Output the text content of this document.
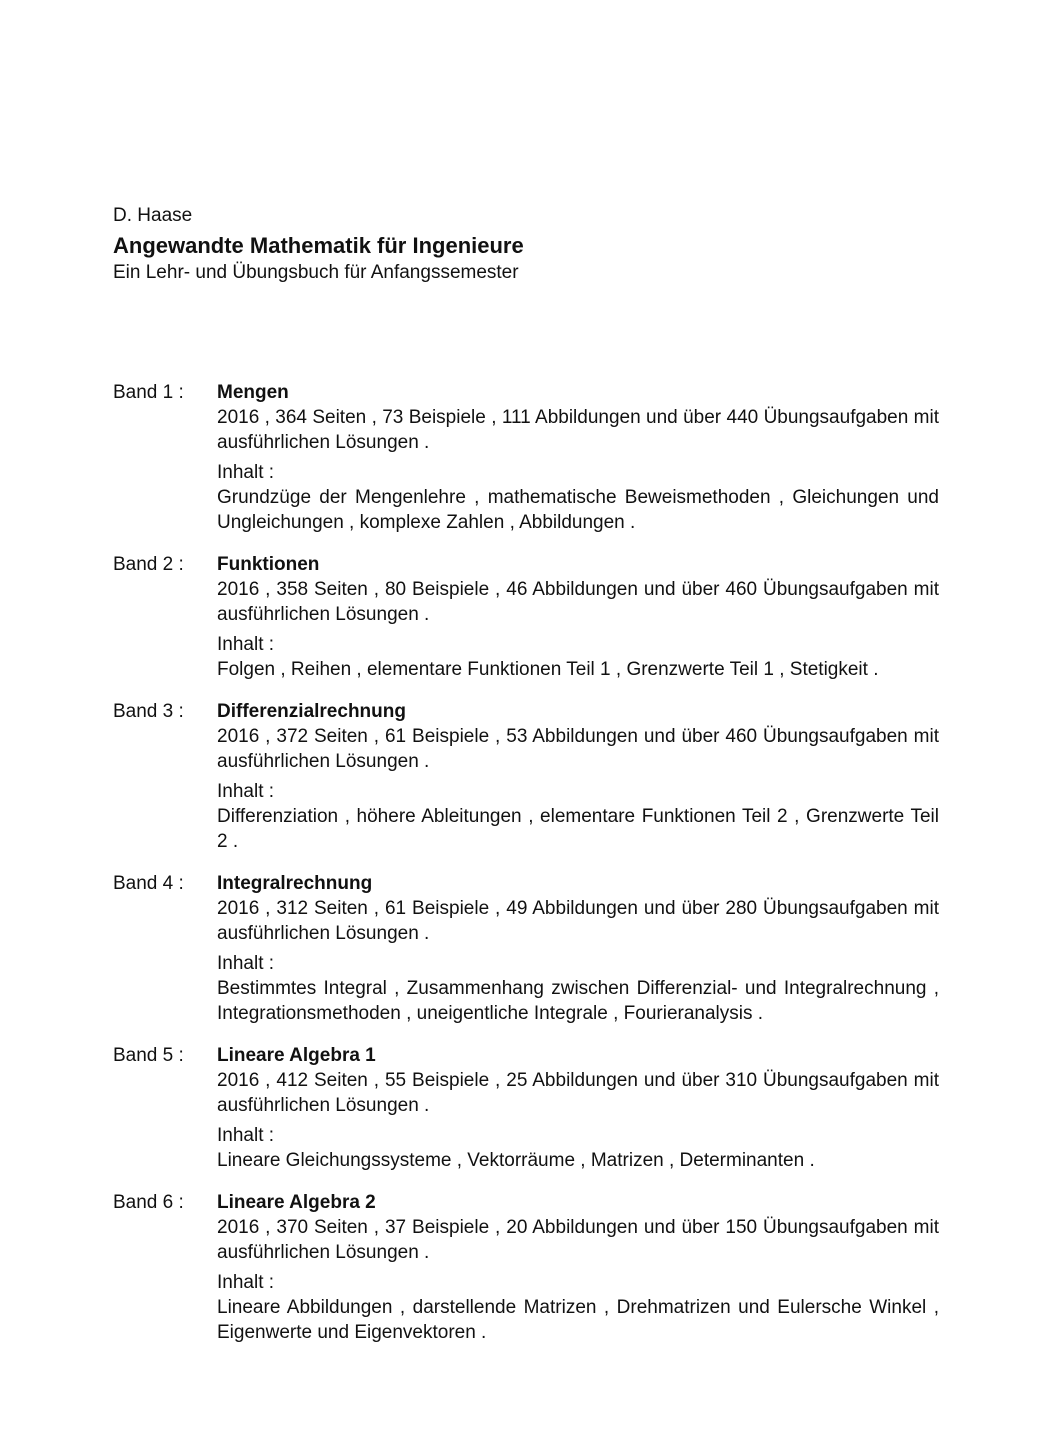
D. Haase

Angewandte Mathematik für Ingenieure

Ein Lehr- und Übungsbuch für Anfangssemester

Band 1 :	Mengen
2016 , 364 Seiten , 73 Beispiele , 111 Abbildungen und über 440 Übungsaufgaben mit ausführlichen Lösungen .
Inhalt :
Grundzüge der Mengenlehre , mathematische Beweismethoden , Gleichungen und Ungleichungen , komplexe Zahlen , Abbildungen .
Band 2 :	Funktionen
2016 , 358 Seiten , 80 Beispiele , 46 Abbildungen und über 460 Übungsaufgaben mit ausführlichen Lösungen .
Inhalt :
Folgen , Reihen , elementare Funktionen Teil 1 , Grenzwerte Teil 1 , Stetigkeit .
Band 3 :	Differenzialrechnung
2016 , 372 Seiten , 61 Beispiele , 53 Abbildungen und über 460 Übungsaufgaben mit ausführlichen Lösungen .
Inhalt :
Differenziation , höhere Ableitungen , elementare Funktionen Teil 2 , Grenzwerte Teil 2 .
Band 4 :	Integralrechnung
2016 , 312 Seiten , 61 Beispiele , 49 Abbildungen und über 280 Übungsaufgaben mit ausführlichen Lösungen .
Inhalt :
Bestimmtes Integral , Zusammenhang zwischen Differenzial- und Integralrechnung , Integrationsmethoden , uneigentliche Integrale , Fourieranalysis .
Band 5 :	Lineare Algebra 1
2016 , 412 Seiten , 55 Beispiele , 25 Abbildungen und über 310 Übungsaufgaben mit ausführlichen Lösungen .
Inhalt :
Lineare Gleichungssysteme , Vektorräume , Matrizen , Determinanten .
Band 6 :	Lineare Algebra 2
2016 , 370 Seiten , 37 Beispiele , 20 Abbildungen und über 150 Übungsaufgaben mit ausführlichen Lösungen .
Inhalt :
Lineare Abbildungen , darstellende Matrizen , Drehmatrizen und Eulersche Winkel , Eigenwerte und Eigenvektoren .
